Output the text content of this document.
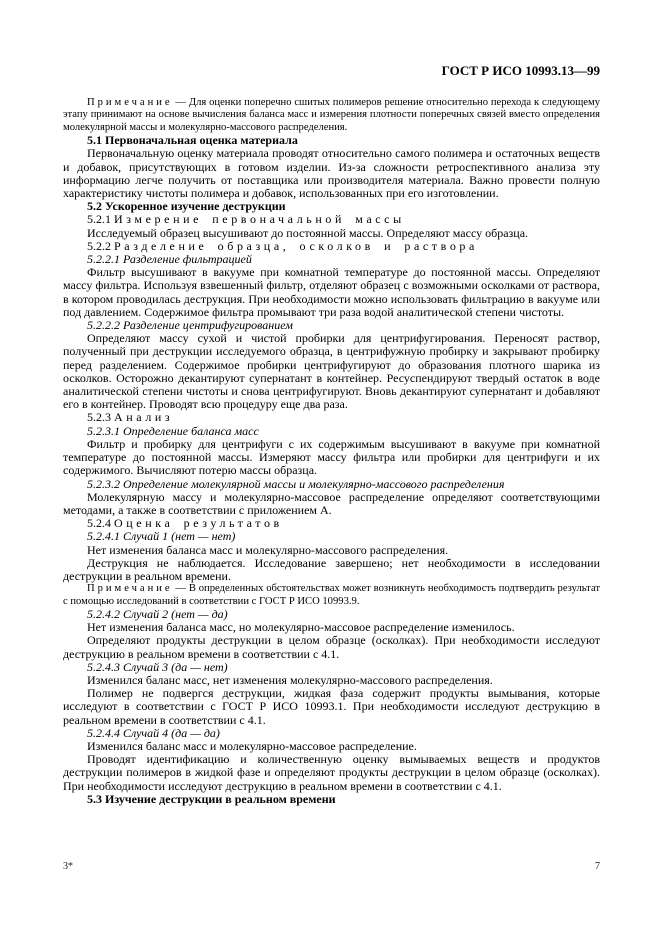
ГОСТ Р ИСО 10993.13—99

Примечание — Для оценки поперечно сшитых полимеров решение относительно перехода к следующему этапу принимают на основе вычисления баланса масс и измерения плотности поперечных связей вместо определения молекулярной массы и молекулярно-массового распределения.

5.1 Первоначальная оценка материала

Первоначальную оценку материала проводят относительно самого полимера и остаточных веществ и добавок, присутствующих в готовом изделии. Из-за сложности ретроспективного анализа эту информацию легче получить от поставщика или производителя материала. Важно провести полную характеристику чистоты полимера и добавок, использованных при его изготовлении.

5.2 Ускоренное изучение деструкции

5.2.1 Измерение первоначальной массы

Исследуемый образец высушивают до постоянной массы. Определяют массу образца.

5.2.2 Разделение образца, осколков и раствора

5.2.2.1 Разделение фильтрацией

Фильтр высушивают в вакууме при комнатной температуре до постоянной массы. Определяют массу фильтра. Используя взвешенный фильтр, отделяют образец с возможными осколками от раствора, в котором проводилась деструкция. При необходимости можно использовать фильтрацию в вакууме или под давлением. Содержимое фильтра промывают три раза водой аналитической степени чистоты.

5.2.2.2 Разделение центрифугированием

Определяют массу сухой и чистой пробирки для центрифугирования. Переносят раствор, полученный при деструкции исследуемого образца, в центрифужную пробирку и закрывают пробирку перед разделением. Содержимое пробирки центрифугируют до образования плотного шарика из осколков. Осторожно декантируют супернатант в контейнер. Ресуспендируют твердый остаток в воде аналитической степени чистоты и снова центрифугируют. Вновь декантируют супернатант и добавляют его в контейнер. Проводят всю процедуру еще два раза.

5.2.3 Анализ

5.2.3.1 Определение баланса масс

Фильтр и пробирку для центрифуги с их содержимым высушивают в вакууме при комнатной температуре до постоянной массы. Измеряют массу фильтра или пробирки для центрифуги и их содержимого. Вычисляют потерю массы образца.

5.2.3.2 Определение молекулярной массы и молекулярно-массового распределения

Молекулярную массу и молекулярно-массовое распределение определяют соответствующими методами, а также в соответствии с приложением А.

5.2.4 Оценка результатов

5.2.4.1 Случай 1 (нет — нет)

Нет изменения баланса масс и молекулярно-массового распределения.

Деструкция не наблюдается. Исследование завершено; нет необходимости в исследовании деструкции в реальном времени.

Примечание — В определенных обстоятельствах может возникнуть необходимость подтвердить результат с помощью исследований в соответствии с ГОСТ Р ИСО 10993.9.

5.2.4.2 Случай 2 (нет — да)

Нет изменения баланса масс, но молекулярно-массовое распределение изменилось.

Определяют продукты деструкции в целом образце (осколках). При необходимости исследуют деструкцию в реальном времени в соответствии с 4.1.

5.2.4.3 Случай 3 (да — нет)

Изменился баланс масс, нет изменения молекулярно-массового распределения.

Полимер не подвергся деструкции, жидкая фаза содержит продукты вымывания, которые исследуют в соответствии с ГОСТ Р ИСО 10993.1. При необходимости исследуют деструкцию в реальном времени в соответствии с 4.1.

5.2.4.4 Случай 4 (да — да)

Изменился баланс масс и молекулярно-массовое распределение.

Проводят идентификацию и количественную оценку вымываемых веществ и продуктов деструкции полимеров в жидкой фазе и определяют продукты деструкции в целом образце (осколках). При необходимости исследуют деструкцию в реальном времени в соответствии с 4.1.

5.3 Изучение деструкции в реальном времени

3*	7
